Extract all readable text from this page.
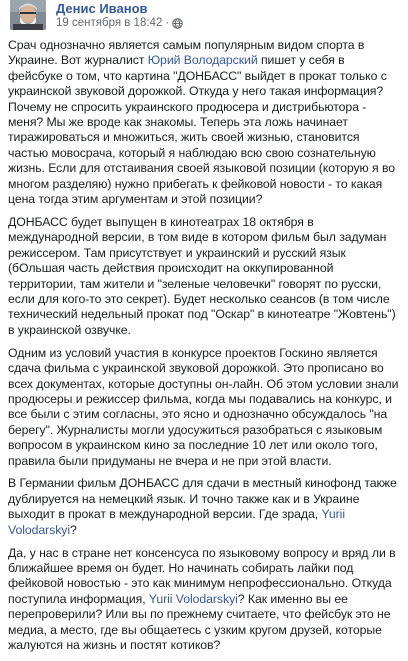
Денис Иванов
19 сентября в 18:42 ·

Срач однозначно является самым популярным видом спорта в Украине. Вот журналист Юрий Володарский пишет у себя в фейсбуке о том, что картина "ДОНБАСС" выйдет в прокат только с украинской звуковой дорожкой. Откуда у него такая информация? Почему не спросить украинского продюсера и дистрибьютора - меня? Мы же вроде как знакомы. Теперь эта ложь начинает тиражироваться и множиться, жить своей жизнью, становится частью мовосрача, который я наблюдаю всю свою сознательную жизнь. Если для отстаивания своей языковой позиции (которую я во многом разделяю) нужно прибегать к фейковой новости - то какая цена тогда этим аргументам и этой позиции?

ДОНБАСС будет выпущен в кинотеатрах 18 октября в международной версии, в том виде в котором фильм был задуман режиссером. Там присутствует и украинский и русский язык (бОльшая часть действия происходит на оккупированной территории, там жители и "зеленые человечки" говорят по русски, если для кого-то это секрет). Будет несколько сеансов (в том числе технический недельный прокат под "Оскар" в кинотеатре "Жовтень") в украинской озвучке.

Одним из условий участия в конкурсе проектов Госкино является сдача фильма с украинской звуковой дорожкой. Это прописано во всех документах, которые доступны он-лайн. Об этом условии знали продюсеры и режиссер фильма, когда мы подавались на конкурс, и все были с этим согласны, это ясно и однозначно обсуждалось "на берегу". Журналисты могли удосужиться разобраться с языковым вопросом в украинском кино за последние 10 лет или около того, правила были придуманы не вчера и не при этой власти.

В Германии фильм ДОНБАСС для сдачи в местный кинофонд также дублируется на немецкий язык. И точно также как и в Украине выходит в прокат в международной версии. Где зрада, Yurii Volodarskyi?

Да, у нас в стране нет консенсуса по языковому вопросу и вряд ли в ближайшее время он будет. Но начинать собирать лайки под фейковой новостью - это как минимум непрофессионально. Откуда поступила информация, Yurii Volodarskyi? Как именно вы ее перепроверили? Или вы по прежнему считаете, что фейсбук это не медиа, а место, где вы общаетесь с узким кругом друзей, которые жалуются на жизнь и постят котиков?
